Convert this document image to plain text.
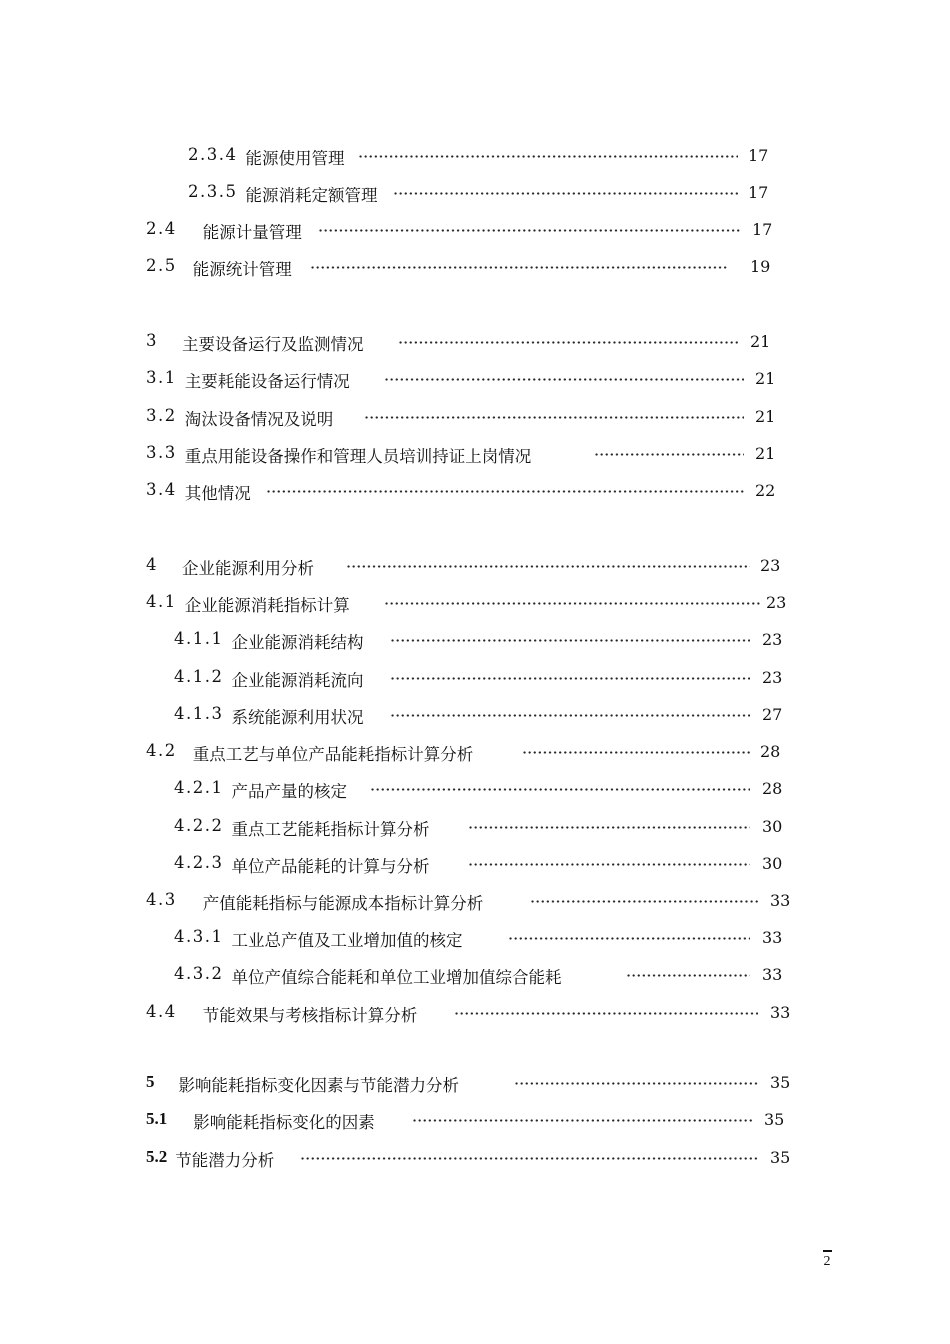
2.3.4 能源使用管理	17
2.3.5 能源消耗定额管理	17
2.4 能源计量管理	17
2.5 能源统计管理	19
3 主要设备运行及监测情况	21
3.1 主要耗能设备运行情况	21
3.2 淘汰设备情况及说明	21
3.3 重点用能设备操作和管理人员培训持证上岗情况	21
3.4 其他情况	22
4 企业能源利用分析	23
4.1 企业能源消耗指标计算	23
4.1.1 企业能源消耗结构	23
4.1.2 企业能源消耗流向	23
4.1.3 系统能源利用状况	27
4.2 重点工艺与单位产品能耗指标计算分析	28
4.2.1 产品产量的核定	28
4.2.2 重点工艺能耗指标计算分析	30
4.2.3 单位产品能耗的计算与分析	30
4.3 产值能耗指标与能源成本指标计算分析	33
4.3.1 工业总产值及工业增加值的核定	33
4.3.2 单位产值综合能耗和单位工业增加值综合能耗	33
4.4 节能效果与考核指标计算分析	33
5 影响能耗指标变化因素与节能潜力分析	35
5.1 影响能耗指标变化的因素	35
5.2 节能潜力分析	35
2
